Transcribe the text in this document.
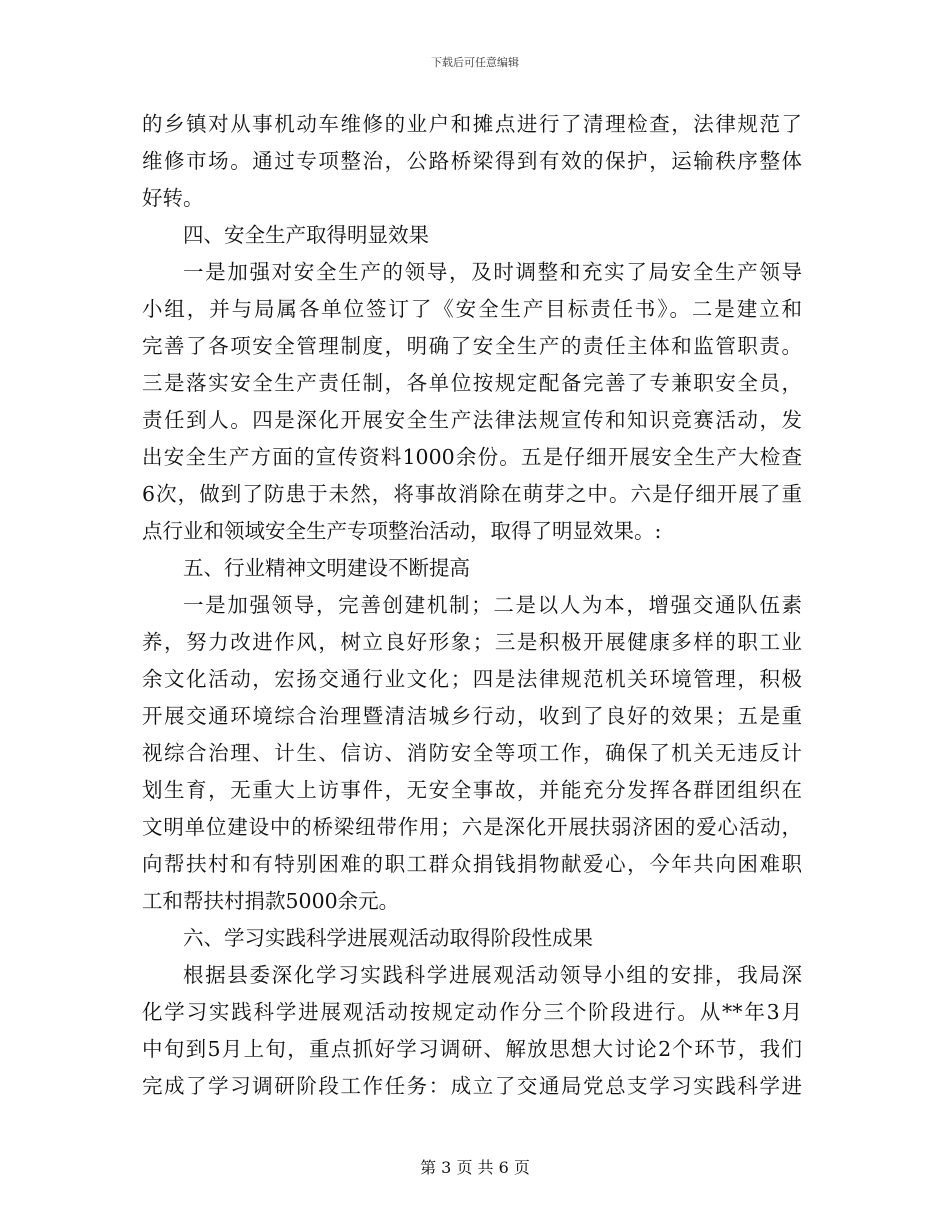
下载后可任意编辑
的乡镇对从事机动车维修的业户和摊点进行了清理检查，法律规范了
维修市场。通过专项整治，公路桥梁得到有效的保护，运输秩序整体
好转。
四、安全生产取得明显效果
一是加强对安全生产的领导，及时调整和充实了局安全生产领导
小组，并与局属各单位签订了《安全生产目标责任书》。二是建立和
完善了各项安全管理制度，明确了安全生产的责任主体和监管职责。
三是落实安全生产责任制，各单位按规定配备完善了专兼职安全员，
责任到人。四是深化开展安全生产法律法规宣传和知识竞赛活动，发
出安全生产方面的宣传资料1000余份。五是仔细开展安全生产大检查
6次，做到了防患于未然，将事故消除在萌芽之中。六是仔细开展了重
点行业和领域安全生产专项整治活动，取得了明显效果。:
五、行业精神文明建设不断提高
一是加强领导，完善创建机制；二是以人为本，增强交通队伍素
养，努力改进作风，树立良好形象；三是积极开展健康多样的职工业
余文化活动，宏扬交通行业文化；四是法律规范机关环境管理，积极
开展交通环境综合治理暨清洁城乡行动，收到了良好的效果；五是重
视综合治理、计生、信访、消防安全等项工作，确保了机关无违反计
划生育，无重大上访事件，无安全事故，并能充分发挥各群团组织在
文明单位建设中的桥梁纽带作用；六是深化开展扶弱济困的爱心活动，
向帮扶村和有特别困难的职工群众捐钱捐物献爱心，今年共向困难职
工和帮扶村捐款5000余元。
六、学习实践科学进展观活动取得阶段性成果
根据县委深化学习实践科学进展观活动领导小组的安排，我局深
化学习实践科学进展观活动按规定动作分三个阶段进行。从**年3月
中旬到5月上旬，重点抓好学习调研、解放思想大讨论2个环节，我们
完成了学习调研阶段工作任务：成立了交通局党总支学习实践科学进
第 3 页 共 6 页
